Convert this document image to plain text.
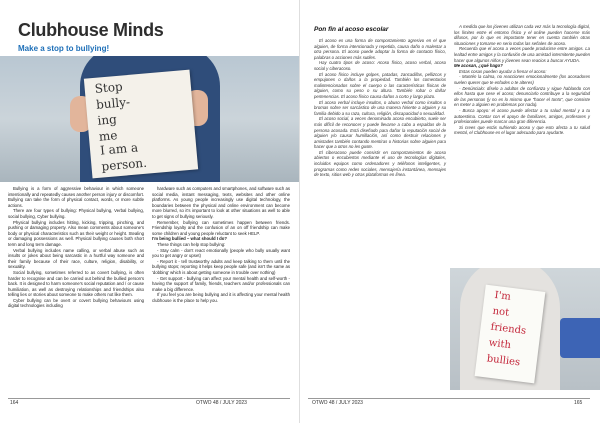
Clubhouse Minds
Make a stop to bullying!
Stop
bully-
ing
me
I am a
person.

Bullying is a form of aggressive behaviour in which someone intentionally and repeatedly causes another person injury or discomfort. Bullying can take the form of physical contact, words, or more subtle actions.

There are four types of bullying: Physical bullying, Verbal bullying, social bullying, Cyber bullying.

Physical bullying includes hitting, kicking, tripping, pinching, and pushing or damaging property. Also mean comments about someone's body or physical characteristics such as their weight or height. Stealing or damaging possessions as well. Physical bullying causes both short term and long term damage.

Verbal bullying includes name calling, or verbal abuse such as insults or jokes about being sarcastic in a hurtful way someone and their family because of their race, culture, religion, disability, or sexuality.

Social bullying, sometimes referred to as covert bullying, is often harder to recognise and can be carried out behind the bullied person's back. It is designed to harm someone's social reputation and / or cause humiliation, as well as destroying relationships and friendships also telling lies or stories about someone to make others not like them.

Cyber bullying can be overt or covert bullying behaviours using digital technologies including

hardware such as computers and smartphones, and software such as social media, instant messaging, texts, websites and other online platforms. As young people increasingly use digital technology, the boundaries between the physical and online environment can become more blurred, so it's important to look at other situations as well to able to get signs of bullying seriously.

Remember, bullying can sometimes happen between friends. Friendship loyalty and the confusion of an on off friendship can make some children and young people reluctant to seek HELP.

I'm being bullied – what should I do?

These things can help stop bullying:

- Stay calm - don't react emotionally (people who bully usually want you to get angry or upset)

- Report it - tell trustworthy adults and keep talking to them until the bullying stops; reporting it helps keep people safe (and isn't the same as 'dobbing' which is about getting someone in trouble over nothing)

- Get support - bullying can affect your mental health and self-worth - having the support of family, friends, teachers and/or professionals can make a big difference.

If you feel you are being bullying and it is affecting your mental health clubhouse is the place to help you.

164	OTWO 48 / JULY 2023
Pon fin al acoso escolar

El acoso es una forma de comportamiento agresivo en el que alguien, de forma intencionada y repetida, causa daño o malestar a otra persona. El acoso puede adoptar la forma de contacto físico, palabras o acciones más sutiles.

Hay cuatro tipos de acoso: Acoso físico, acoso verbal, acoso social y ciberacoso.

El acoso físico incluye golpes, patadas, zancadillas, pellizcos y empujones o daños a la propiedad. También los comentarios malintencionados sobre el cuerpo o las características físicas de alguien, como su peso o su altura. También robar o dañar pertenencias. El acoso físico causa daños a corto y largo plazo.

El acoso verbal incluye insultos, o abuso verbal como insultos o bromas sobre ser sarcástico de una manera hiriente a alguien y su familia debido a su raza, cultura, religión, discapacidad o sexualidad.

El acoso social, a veces denominado acoso encubierto, suele ser más difícil de reconocer y puede llevarse a cabo a espaldas de la persona acosada. Está diseñado para dañar la reputación social de alguien y/o causar humillación, así como destruir relaciones y amistades también contando mentiras o historias sobre alguien para hacer que a otros no les guste.

El ciberacoso puede consistir en comportamientos de acoso abiertos o encubiertos mediante el uso de tecnologías digitales, incluidos equipos como ordenadores y teléfonos inteligentes, y programas como redes sociales, mensajería instantánea, mensajes de texto, sitios web y otras plataformas en línea.

A medida que los jóvenes utilizan cada vez más la tecnología digital, los límites entre el entorno físico y el online pueden hacerse más difusos, por lo que es importante tener en cuenta también otras situaciones y tomarse en serio todas las señales de acoso.

Recuerda que el acoso a veces puede producirse entre amigos. La lealtad entre amigos y la confusión de una amistad intermitente pueden hacer que algunos niños y jóvenes sean reacios a buscar AYUDA.

Me acosan, ¿qué hago?

Estas cosas pueden ayudar a frenar el acoso:

- Mantén la calma, no reacciones emocionalmente (los acosadores suelen querer que te enfades o te alteres)

- Denúncialo: díselo a adultos de confianza y sigue hablando con ellos hasta que cese el acoso; denunciarlo contribuye a la seguridad de las personas (y no es lo mismo que "hacer el tonto", que consiste en meter a alguien en problemas por nada).

- Busca apoyo: el acoso puede afectar a tu salud mental y a tu autoestima. Contar con el apoyo de familiares, amigos, profesores y profesionales puede marcar una gran diferencia.

Si crees que estás sufriendo acoso y que esto afecta a tu salud mental, el Clubhouse es el lugar adecuado para ayudarte.

I'm
not
friends
with
bullies
OTWO 48 / JULY 2023	165
